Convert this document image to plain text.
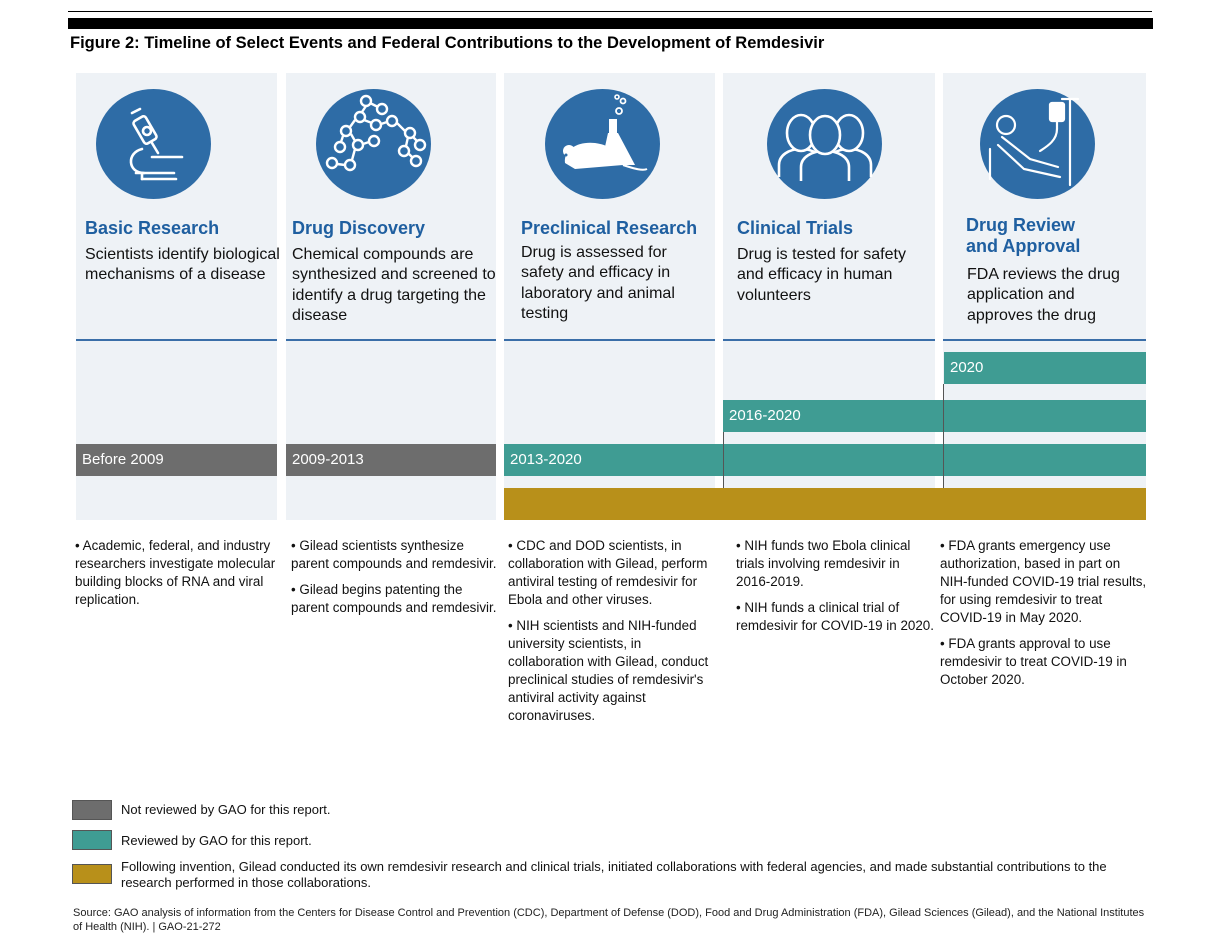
Figure 2: Timeline of Select Events and Federal Contributions to the Development of Remdesivir
Basic Research
Scientists identify biological mechanisms of a disease
Drug Discovery
Chemical compounds are synthesized and screened to identify a drug targeting the disease
Preclinical Research
Drug is assessed for safety and efficacy in laboratory and animal testing
Clinical Trials
Drug is tested for safety and efficacy in human volunteers
Drug Review and Approval
FDA reviews the drug application and approves the drug
2020
2016-2020
Before 2009	2009-2013	2013-2020

• Academic, federal, and industry researchers investigate molecular building blocks of RNA and viral replication.

• Gilead scientists synthesize parent compounds and remdesivir.

• Gilead begins patenting the parent compounds and remdesivir.

• CDC and DOD scientists, in collaboration with Gilead, perform antiviral testing of remdesivir for Ebola and other viruses.

• NIH scientists and NIH-funded university scientists, in collaboration with Gilead, conduct preclinical studies of remdesivir's antiviral activity against coronaviruses.

• NIH funds two Ebola clinical trials involving remdesivir in 2016-2019.

• NIH funds a clinical trial of remdesivir for COVID-19 in 2020.

• FDA grants emergency use authorization, based in part on NIH-funded COVID-19 trial results, for using remdesivir to treat COVID-19 in May 2020.

• FDA grants approval to use remdesivir to treat COVID-19 in October 2020.

Not reviewed by GAO for this report.
Reviewed by GAO for this report.
Following invention, Gilead conducted its own remdesivir research and clinical trials, initiated collaborations with federal agencies, and made substantial contributions to the research performed in those collaborations.
Source: GAO analysis of information from the Centers for Disease Control and Prevention (CDC), Department of Defense (DOD), Food and Drug Administration (FDA), Gilead Sciences (Gilead), and the National Institutes of Health (NIH). | GAO-21-272
